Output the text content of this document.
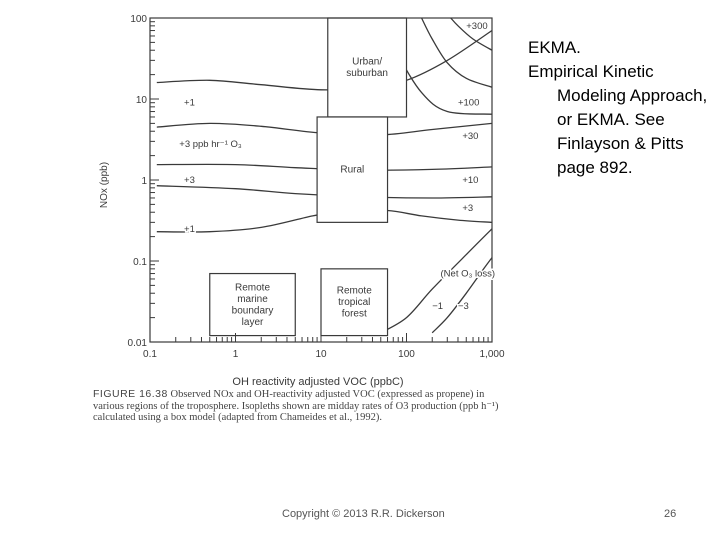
Urban/ suburban
Rural
Remote marine boundary layer
Remote tropical forest
0.1	1	10	100	1,000
0.01
0.1
1
10
100
+1
+3 ppb hr⁻¹ O₃
+3
+1
+300
+100
+30
+10
+3
(Net O₃ loss)
−1 −3
OH reactivity adjusted VOC (ppbC)
NOx (ppb)
FIGURE 16.38 Observed NOx and OH-reactivity adjusted VOC (expressed as propene) in various regions of the troposphere. Isopleths shown are midday rates of O3 production (ppb h⁻¹) calculated using a box model (adapted from Chameides et al., 1992).
EKMA.
Empirical Kinetic
Modeling Approach, or EKMA. See Finlayson & Pitts page 892.
Copyright © 2013 R.R. Dickerson	26
